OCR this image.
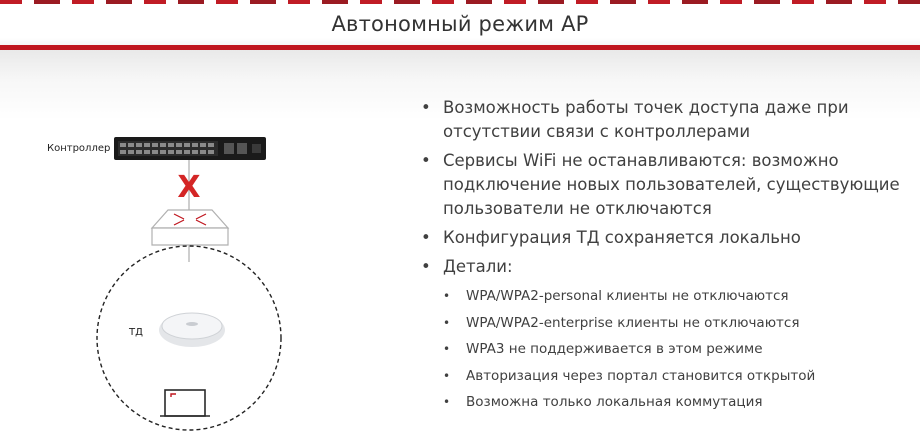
Автономный режим AP
X
Контроллер
ТД
• Возможность работы точек доступа даже при отсутствии связи с контроллерами
• Сервисы WiFi не останавливаются: возможно подключение новых пользователей, существующие пользователи не отключаются
• Конфигурация ТД сохраняется локально
• Детали:
• WPA/WPA2-personal клиенты не отключаются
• WPA/WPA2-enterprise клиенты не отключаются
• WPA3 не поддерживается в этом режиме
• Авторизация через портал становится открытой
• Возможна только локальная коммутация
